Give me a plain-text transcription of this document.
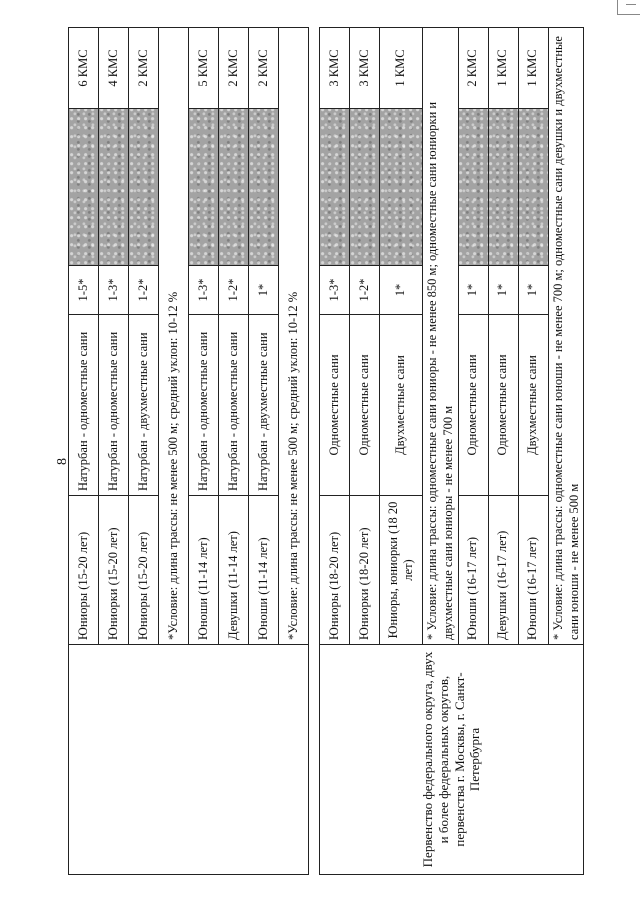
8
	Юниоры (15-20 лет)	Натурбан - одноместные сани	1-5*		6 КМС
	Юниорки (15-20 лет)	Натурбан - одноместные сани	1-3*		4 КМС
	Юниоры (15-20 лет)	Натурбан - двухместные сани	1-2*		2 КМС
	*Условие: длина трассы: не менее 500 м; средний уклон: 10-12 %				
	Юноши (11-14 лет)	Натурбан - одноместные сани	1-3*		5 КМС
	Девушки (11-14 лет)	Натурбан - одноместные сани	1-2*		2 КМС
	Юноши (11-14 лет)	Натурбан - двухместные сани	1*		2 КМС
	*Условие: длина трассы: не менее 500 м; средний уклон: 10-12 %				

Первенство федерального округа, двух и более федеральных округов, первенства г. Москвы, г. Санкт-Петербурга	Юниоры (18-20 лет)	Одноместные сани	1-3*		3 КМС
	Юниорки (18-20 лет)	Одноместные сани	1-2*		3 КМС
	Юниоры, юниорки (18 20 лет)	Двухместные сани	1*		1 КМС
	* Условие: длина трассы: одноместные сани юниоры - не менее 850 м; одноместные сани юниорки и двухместные сани юниоры - не менее 700 м				
	Юноши (16-17 лет)	Одноместные сани	1*		2 КМС
	Девушки (16-17 лет)	Одноместные сани	1*		1 КМС
	Юноши (16-17 лет)	Двухместные сани	1*		1 КМС
	* Условие: длина трассы: одноместные сани юноши - не менее 700 м; одноместные сани девушки и двухместные сани юноши - не менее 500 м				
